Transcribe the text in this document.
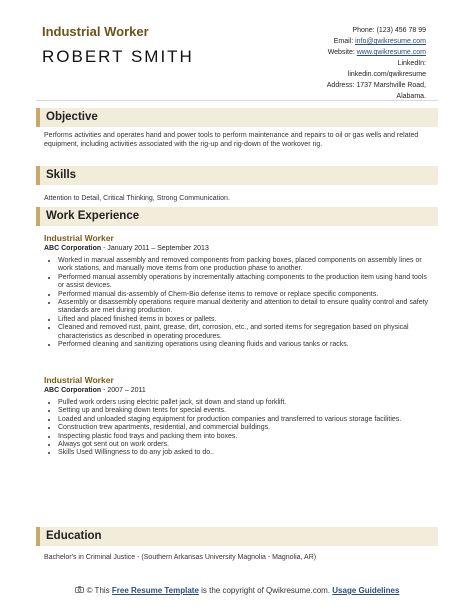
Industrial Worker
ROBERT SMITH
Phone: (123) 456 78 99
Email: info@qwikresume.com
Website: www.qwikresume.com
LinkedIn:
linkedin.com/qwikresume
Address: 1737 Marshville Road,
Alabama.
Objective
Performs activities and operates hand and power tools to perform maintenance and repairs to oil or gas wells and related equipment, including activities associated with the rig-up and rig-down of the workover rig.
Skills
Attention to Detail, Critical Thinking, Strong Communication.
Work Experience
Industrial Worker
ABC Corporation - January 2011 – September 2013
• Worked in manual assembly and removed components from packing boxes, placed components on assembly lines or work stations, and manually move items from one production phase to another.
• Performed manual assembly operations by incrementally attaching components to the production item using hand tools or assist devices.
• Performed manual dis-assembly of Chem-Bio defense items to remove or replace specific components.
• Assembly or disassembly operations require manual dexterity and attention to detail to ensure quality control and safety standards are met during production.
• Lifted and placed finished items in boxes or pallets.
• Cleaned and removed rust, paint, grease, dirt, corrosion, etc., and sorted items for segregation based on physical characteristics as described in operating procedures.
• Performed cleaning and sanitizing operations using cleaning fluids and various tanks or racks.
Industrial Worker
ABC Corporation - 2007 – 2011
• Pulled work orders using electric pallet jack, sit down and stand up forklift.
• Setting up and breaking down tents for special events.
• Loaded and unloaded staging equipment for production companies and transferred to various storage facilities.
• Construction trew apartments, residential, and commercial buildings.
• Inspecting plastic food trays and packing them into boxes.
• Always got sent out on work orders.
• Skills Used Willingness to do any job asked to do..
Education
Bachelor's in Criminal Justice - (Southern Arkansas University Magnolia - Magnolia, AR)
© This Free Resume Template is the copyright of Qwikresume.com. Usage Guidelines
